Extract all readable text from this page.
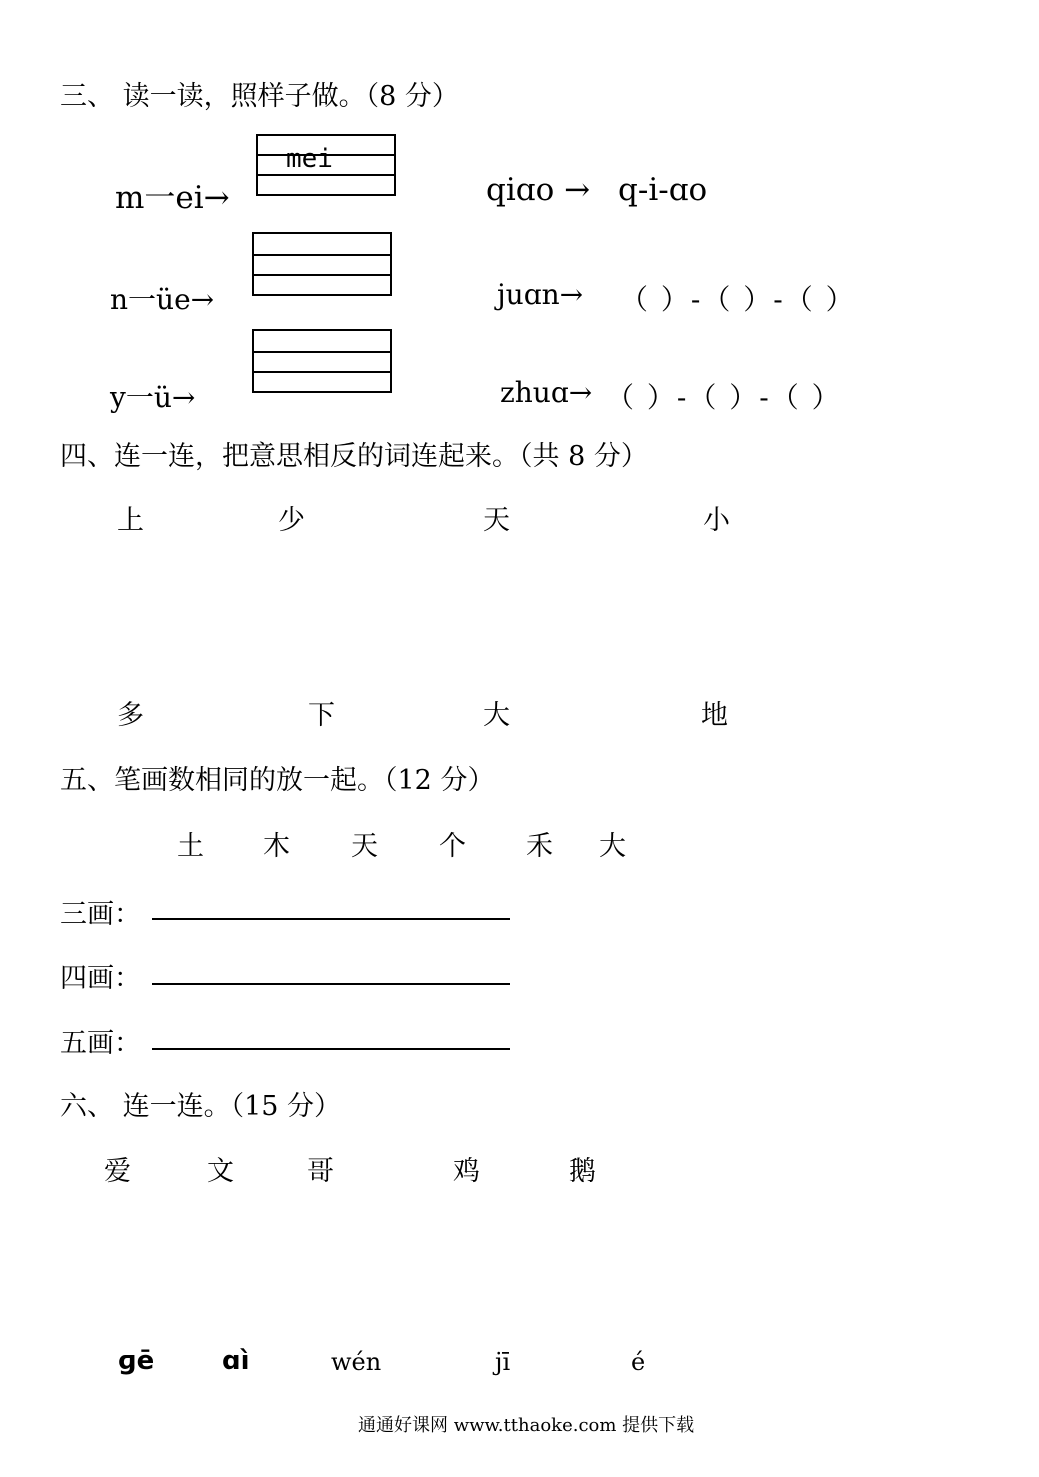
三、 读一读，照样子做。（8 分）
m一ei→
mei
qiɑo → q-i-ɑo
n一üe→	juɑn→ （ ）-（ ）-（ ）
y一ü→	zhuɑ→ （ ）-（ ）-（ ）
四、连一连，把意思相反的词连起来。（共 8 分）
上	少	天	小
多	下	大	地
五、笔画数相同的放一起。（12 分）
土 木 天 个 禾 大
三画：
四画：
五画：
六、 连一连。（15 分）
爱	文	哥	鸡	鹅
ɡē	ɑì	wén	jī	é
通通好课网 www.tthaoke.com 提供下载
